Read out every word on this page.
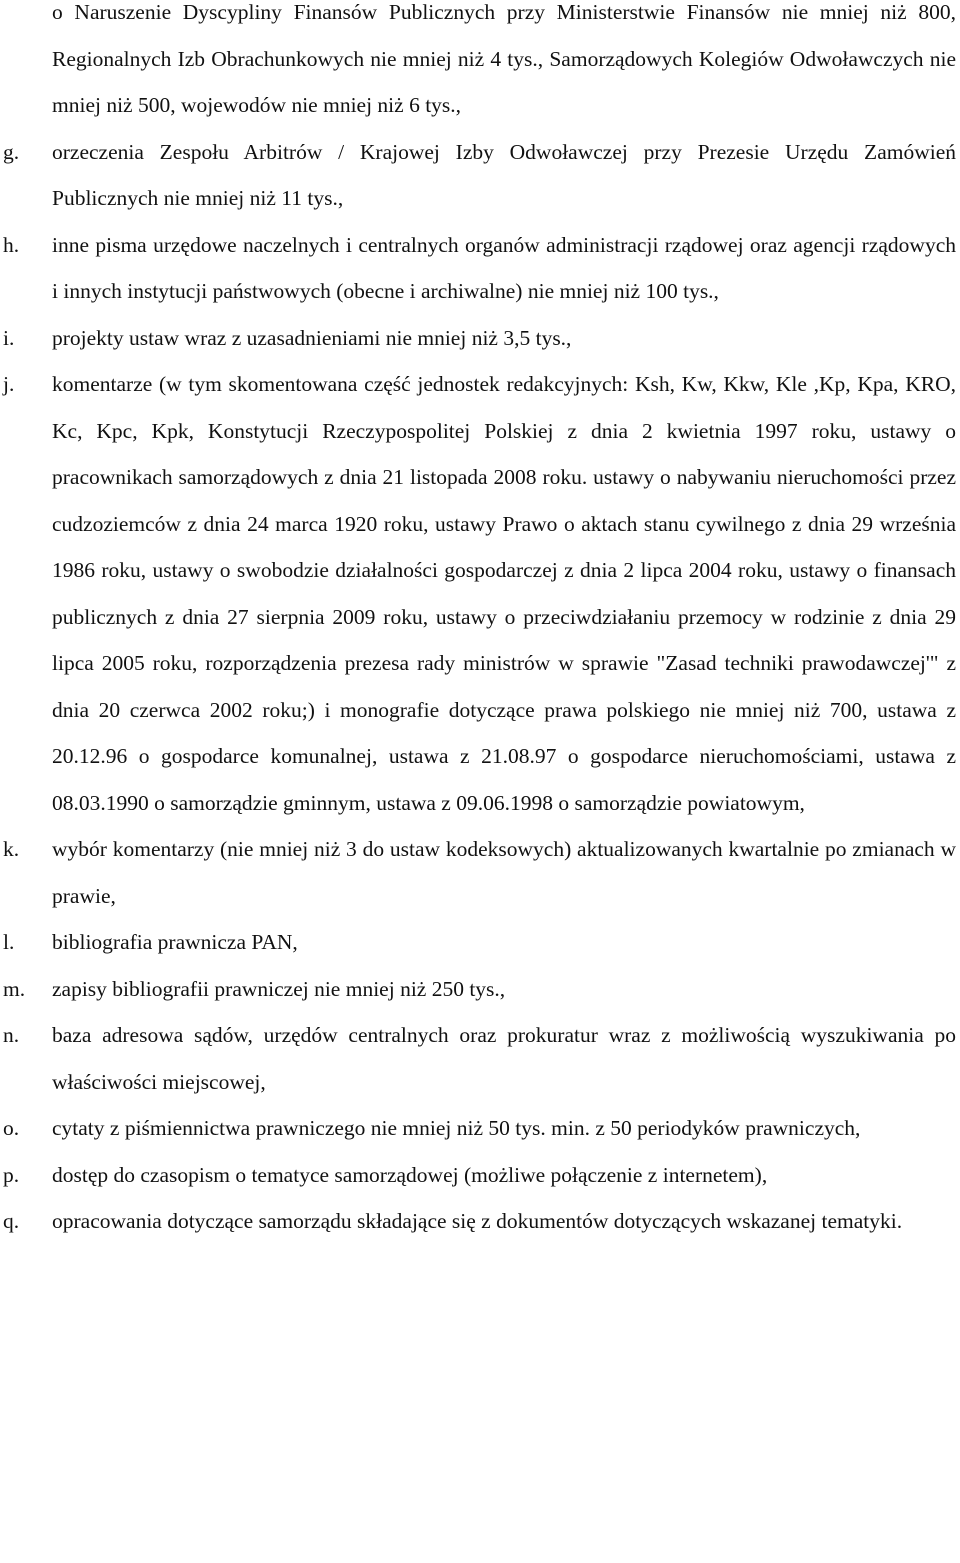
o Naruszenie Dyscypliny Finansów Publicznych przy Ministerstwie Finansów nie mniej niż 800, Regionalnych Izb Obrachunkowych nie mniej niż 4 tys., Samorządowych Kolegiów Odwoławczych nie mniej niż 500, wojewodów nie mniej niż 6 tys.,

g.	orzeczenia Zespołu Arbitrów / Krajowej Izby Odwoławczej przy Prezesie Urzędu Zamówień Publicznych nie mniej niż 11 tys.,
h.	inne pisma urzędowe naczelnych i centralnych organów administracji rządowej oraz agencji rządowych i innych instytucji państwowych (obecne i archiwalne) nie mniej niż 100 tys.,
i.	projekty ustaw wraz z uzasadnieniami nie mniej niż 3,5 tys.,
j.	komentarze (w tym skomentowana część jednostek redakcyjnych: Ksh, Kw, Kkw, Kle ,Kp, Kpa, KRO, Kc, Kpc, Kpk, Konstytucji Rzeczypospolitej Polskiej z dnia 2 kwietnia 1997 roku, ustawy o pracownikach samorządowych z dnia 21 listopada 2008 roku. ustawy o nabywaniu nieruchomości przez cudzoziemców z dnia 24 marca 1920 roku, ustawy Prawo o aktach stanu cywilnego z dnia 29 września 1986 roku, ustawy o swobodzie działalności gospodarczej z dnia 2 lipca 2004 roku, ustawy o finansach publicznych z dnia 27 sierpnia 2009 roku, ustawy o przeciwdziałaniu przemocy w rodzinie z dnia 29 lipca 2005 roku, rozporządzenia prezesa rady ministrów w sprawie "Zasad techniki prawodawczej'" z dnia 20 czerwca 2002 roku;) i monografie dotyczące prawa polskiego nie mniej niż 700, ustawa z 20.12.96 o gospodarce komunalnej, ustawa z 21.08.97 o gospodarce nieruchomościami, ustawa z 08.03.1990 o samorządzie gminnym, ustawa z 09.06.1998 o samorządzie powiatowym,
k.	wybór komentarzy (nie mniej niż 3 do ustaw kodeksowych) aktualizowanych kwartalnie po zmianach w prawie,
l.	bibliografia prawnicza PAN,
m.	zapisy bibliografii prawniczej nie mniej niż 250 tys.,
n.	baza adresowa sądów, urzędów centralnych oraz prokuratur wraz z możliwością wyszukiwania po właściwości miejscowej,
o.	cytaty z piśmiennictwa prawniczego nie mniej niż 50 tys. min. z 50 periodyków prawniczych,
p.	dostęp do czasopism o tematyce samorządowej (możliwe połączenie z internetem),
q.	opracowania dotyczące samorządu składające się z dokumentów dotyczących wskazanej tematyki.
